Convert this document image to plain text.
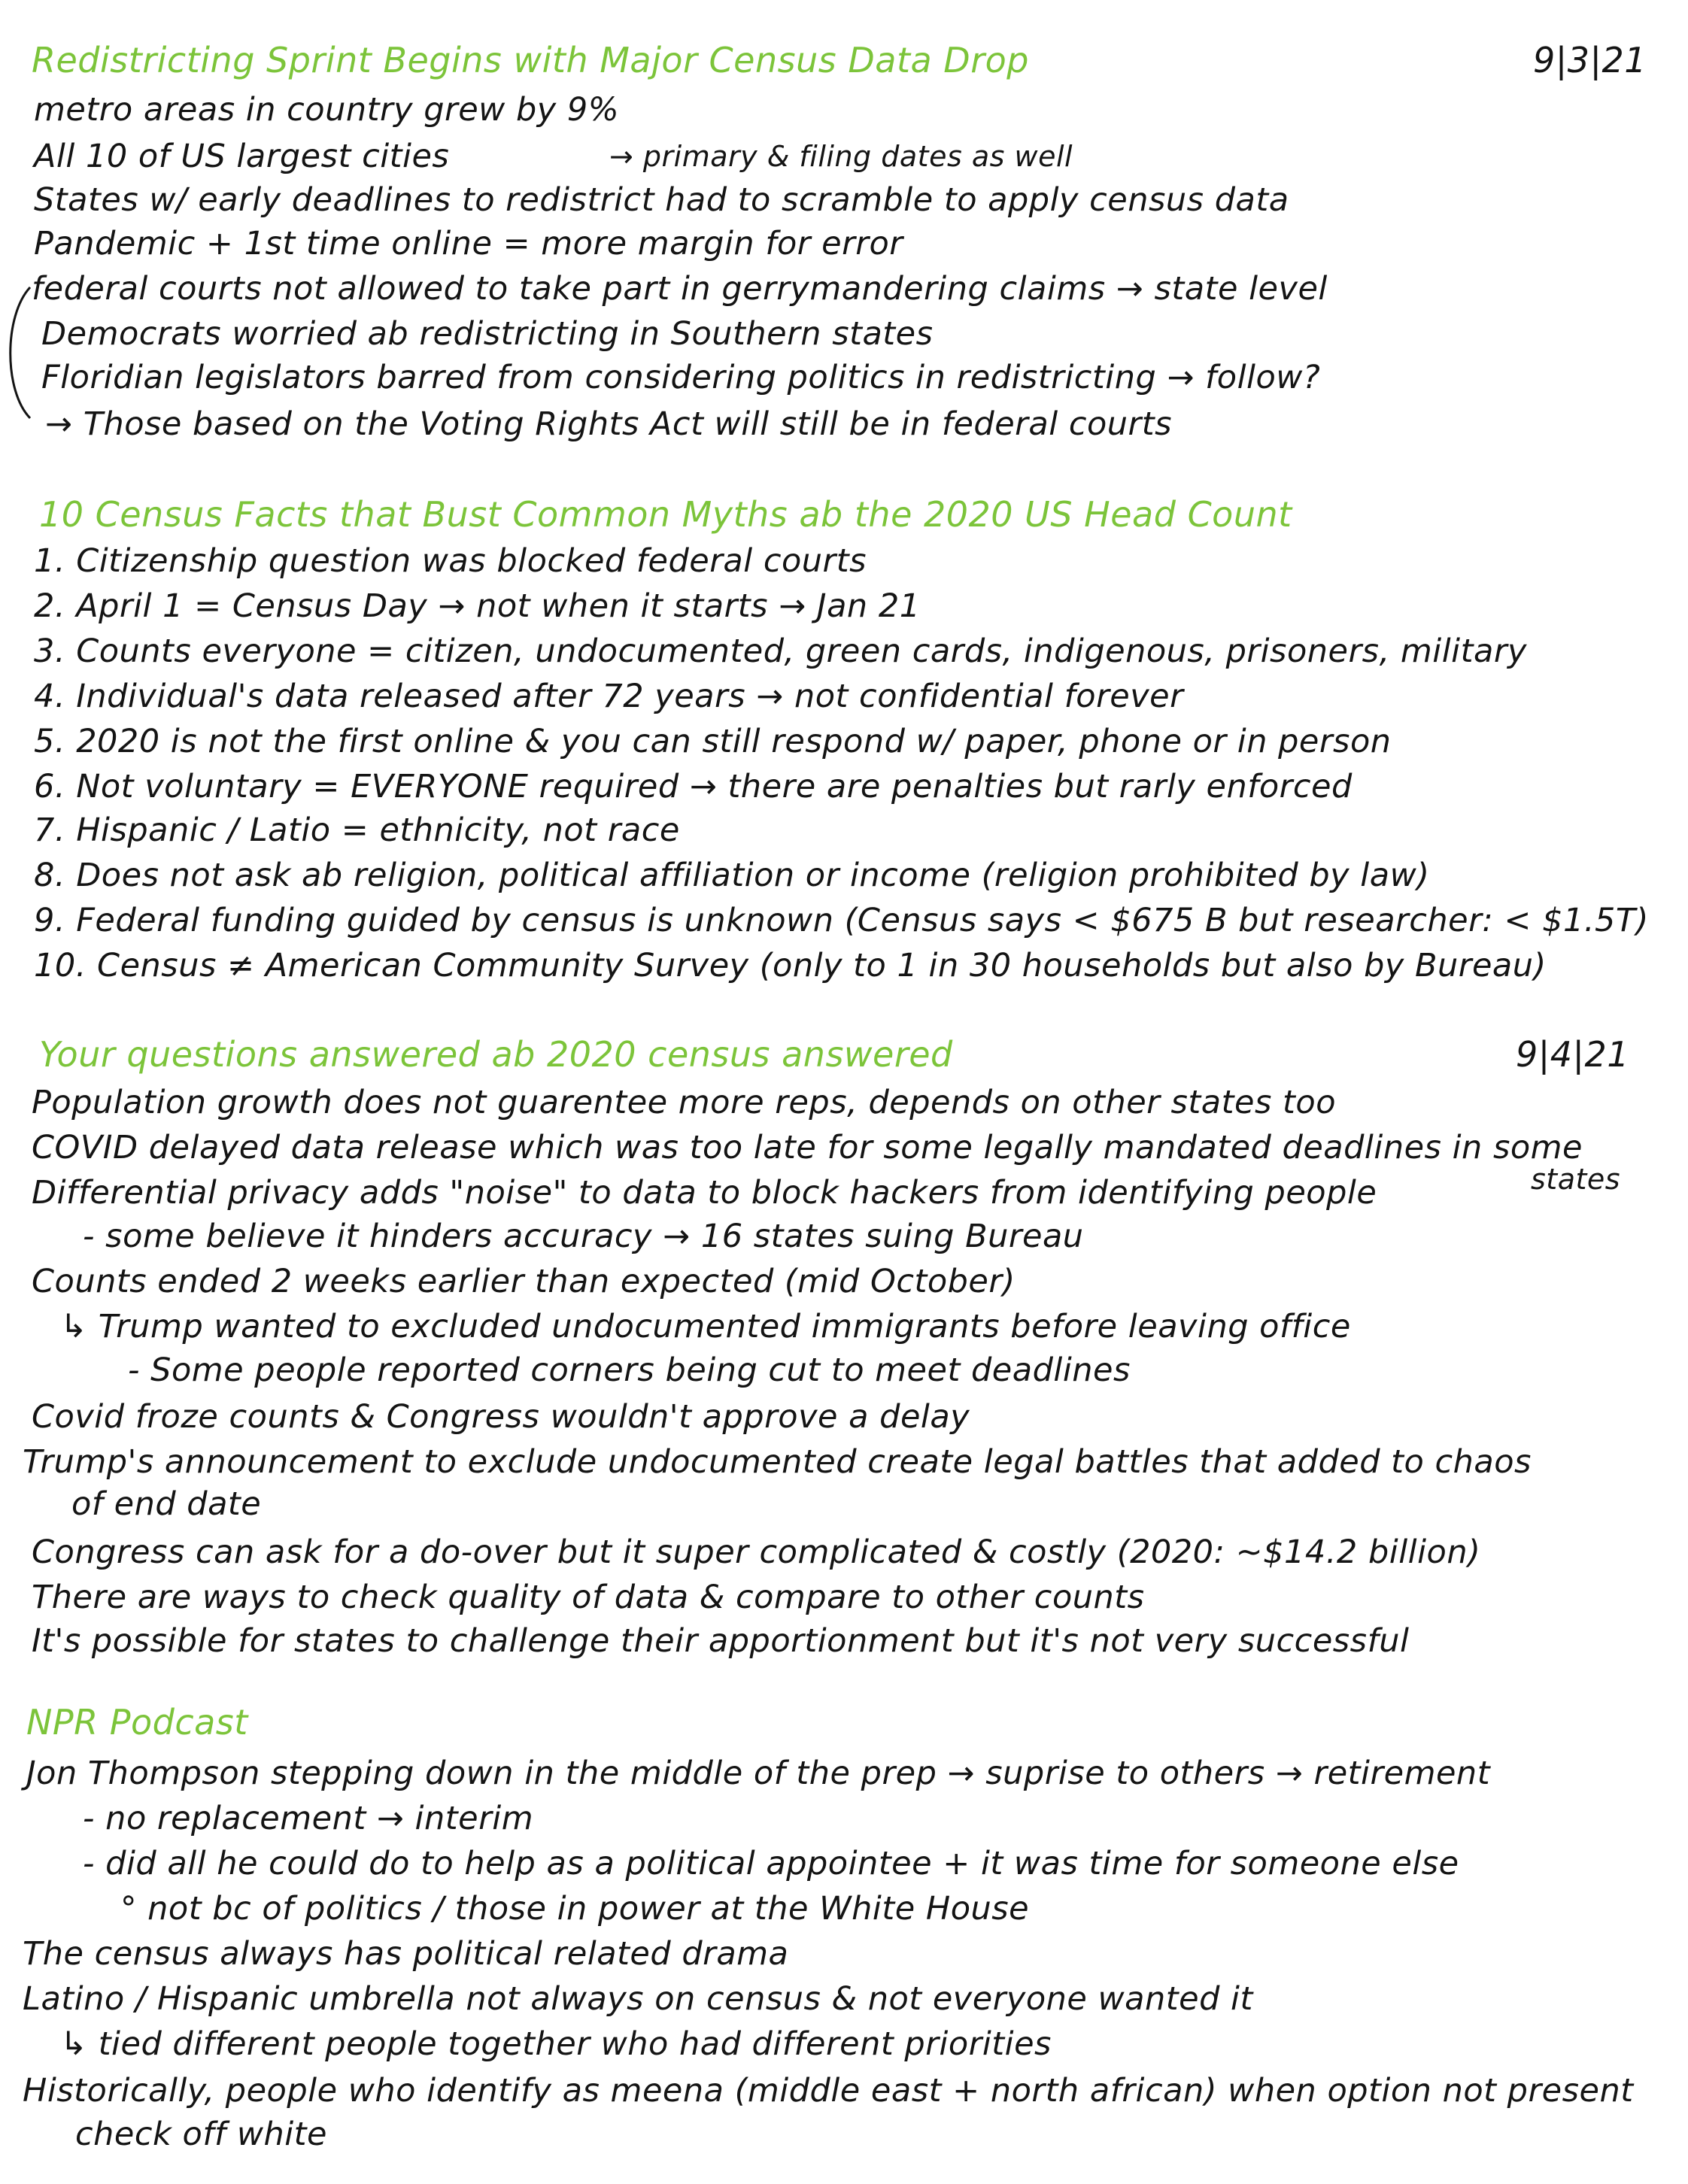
Redistricting Sprint Begins with Major Census Data Drop	9|3|21
metro areas in country grew by 9%
All 10 of US largest cities	→ primary & filing dates as well
States w/ early deadlines to redistrict had to scramble to apply census data
Pandemic + 1st time online = more margin for error
federal courts not allowed to take part in gerrymandering claims → state level
Democrats worried ab redistricting in Southern states
Floridian legislators barred from considering politics in redistricting → follow?
→ Those based on the Voting Rights Act will still be in federal courts
10 Census Facts that Bust Common Myths ab the 2020 US Head Count
1. Citizenship question was blocked federal courts
2. April 1 = Census Day → not when it starts → Jan 21
3. Counts everyone = citizen, undocumented, green cards, indigenous, prisoners, military
4. Individual's data released after 72 years → not confidential forever
5. 2020 is not the first online & you can still respond w/ paper, phone or in person
6. Not voluntary = EVERYONE required → there are penalties but rarly enforced
7. Hispanic / Latio = ethnicity, not race
8. Does not ask ab religion, political affiliation or income (religion prohibited by law)
9. Federal funding guided by census is unknown (Census says < $675 B but researcher: < $1.5T)
10. Census ≠ American Community Survey (only to 1 in 30 households but also by Bureau)
Your questions answered ab 2020 census answered	9|4|21
Population growth does not guarentee more reps, depends on other states too
COVID delayed data release which was too late for some legally mandated deadlines in some
states
Differential privacy adds "noise" to data to block hackers from identifying people
- some believe it hinders accuracy → 16 states suing Bureau
Counts ended 2 weeks earlier than expected (mid October)
↳ Trump wanted to excluded undocumented immigrants before leaving office
- Some people reported corners being cut to meet deadlines
Covid froze counts & Congress wouldn't approve a delay
Trump's announcement to exclude undocumented create legal battles that added to chaos
of end date
Congress can ask for a do-over but it super complicated & costly (2020: ~$14.2 billion)
There are ways to check quality of data & compare to other counts
It's possible for states to challenge their apportionment but it's not very successful
NPR Podcast
Jon Thompson stepping down in the middle of the prep → suprise to others → retirement
- no replacement → interim
- did all he could do to help as a political appointee + it was time for someone else
° not bc of politics / those in power at the White House
The census always has political related drama
Latino / Hispanic umbrella not always on census & not everyone wanted it
↳ tied different people together who had different priorities
Historically, people who identify as meena (middle east + north african) when option not present
check off white
